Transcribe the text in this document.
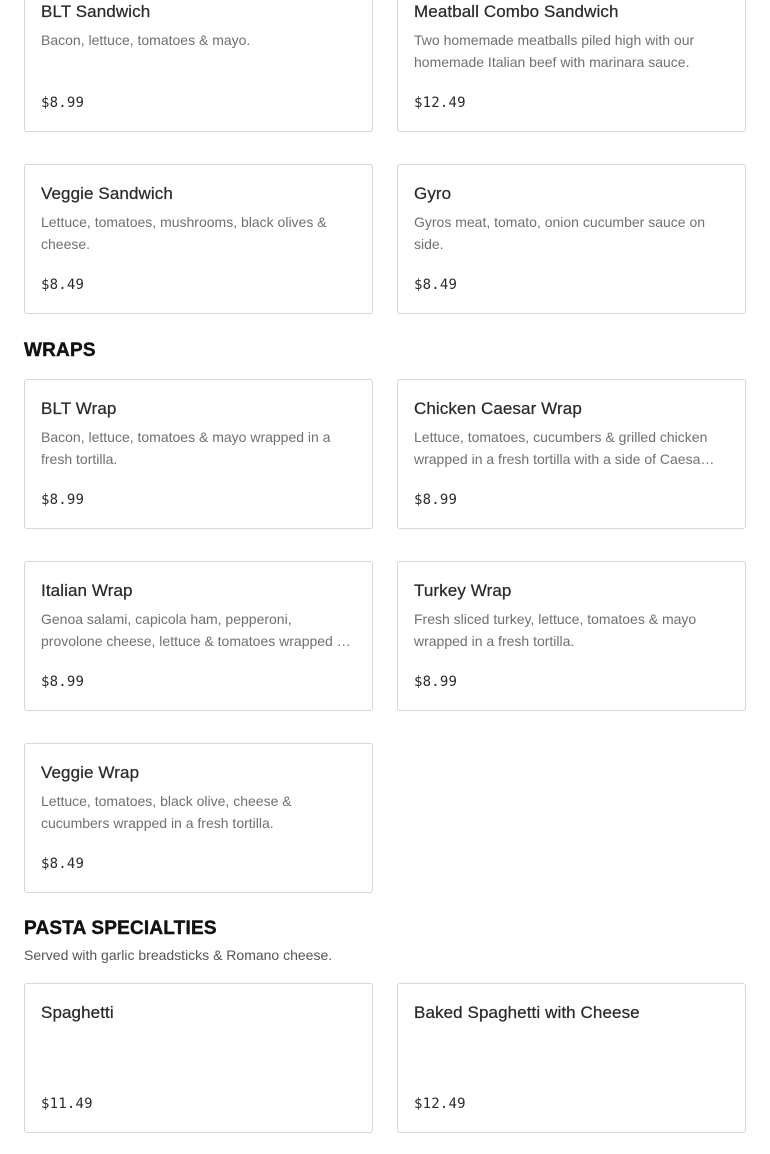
BLT Sandwich
Bacon, lettuce, tomatoes & mayo.
$8.99
Meatball Combo Sandwich
Two homemade meatballs piled high with our homemade Italian beef with marinara sauce.
$12.49
Veggie Sandwich
Lettuce, tomatoes, mushrooms, black olives & cheese.
$8.49
Gyro
Gyros meat, tomato, onion cucumber sauce on side.
$8.49
WRAPS
BLT Wrap
Bacon, lettuce, tomatoes & mayo wrapped in a fresh tortilla.
$8.99
Chicken Caesar Wrap
Lettuce, tomatoes, cucumbers & grilled chicken wrapped in a fresh tortilla with a side of Caesa…
$8.99
Italian Wrap
Genoa salami, capicola ham, pepperoni, provolone cheese, lettuce & tomatoes wrapped …
$8.99
Turkey Wrap
Fresh sliced turkey, lettuce, tomatoes & mayo wrapped in a fresh tortilla.
$8.99
Veggie Wrap
Lettuce, tomatoes, black olive, cheese & cucumbers wrapped in a fresh tortilla.
$8.49
PASTA SPECIALTIES
Served with garlic breadsticks & Romano cheese.
Spaghetti
$11.49
Baked Spaghetti with Cheese
$12.49
